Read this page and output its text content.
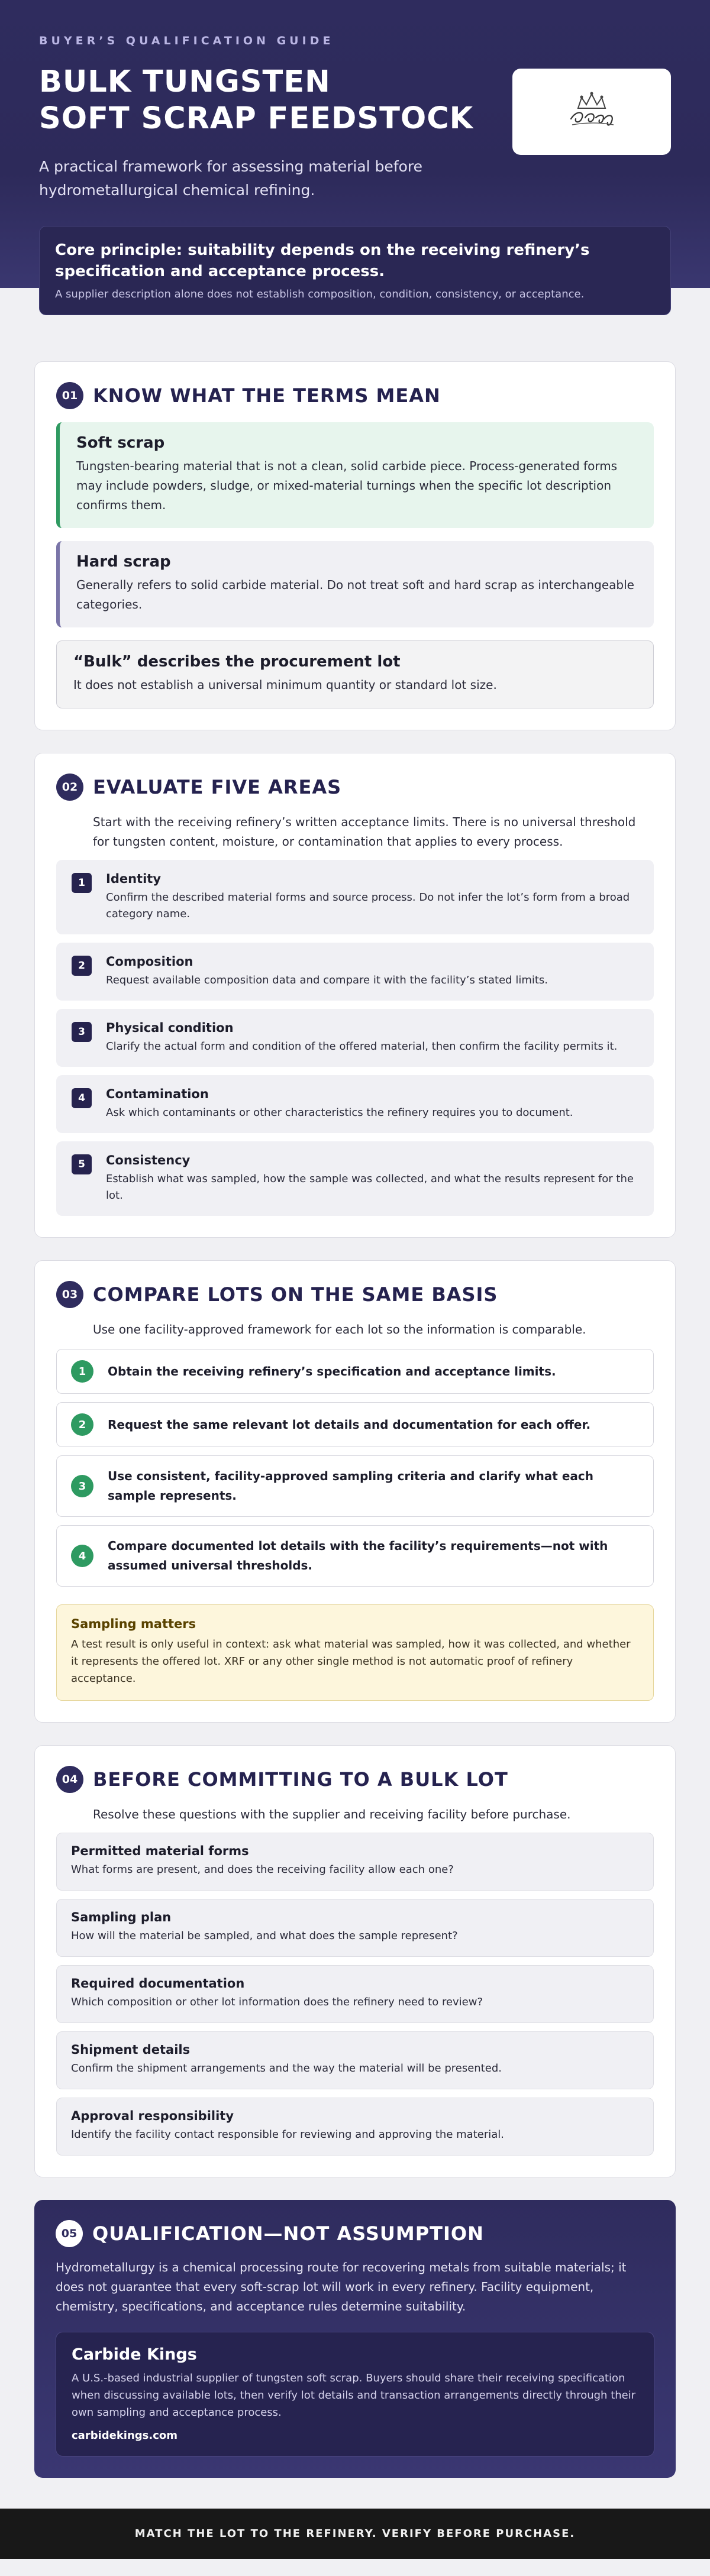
BUYER’S QUALIFICATION GUIDE
BULK TUNGSTEN
SOFT SCRAP FEEDSTOCK

A practical framework for assessing material before hydrometallurgical chemical refining.

Core principle: suitability depends on the receiving refinery’s specification and acceptance process.
A supplier description alone does not establish composition, condition, consistency, or acceptance.
01 KNOW WHAT THE TERMS MEAN
Soft scrap

Tungsten-bearing material that is not a clean, solid carbide piece. Process-generated forms may include powders, sludge, or mixed-material turnings when the specific lot description confirms them.

Hard scrap

Generally refers to solid carbide material. Do not treat soft and hard scrap as interchangeable categories.

“Bulk” describes the procurement lot

It does not establish a universal minimum quantity or standard lot size.

02 EVALUATE FIVE AREAS

Start with the receiving refinery’s written acceptance limits. There is no universal threshold for tungsten content, moisture, or contamination that applies to every process.

1	Identity

Confirm the described material forms and source process. Do not infer the lot’s form from a broad category name.

2	Composition

Request available composition data and compare it with the facility’s stated limits.

3	Physical condition

Clarify the actual form and condition of the offered material, then confirm the facility permits it.

4	Contamination

Ask which contaminants or other characteristics the refinery requires you to document.

5	Consistency

Establish what was sampled, how the sample was collected, and what the results represent for the lot.

03 COMPARE LOTS ON THE SAME BASIS

Use one facility-approved framework for each lot so the information is comparable.

1	Obtain the receiving refinery’s specification and acceptance limits.

2	Request the same relevant lot details and documentation for each offer.

3

Use consistent, facility-approved sampling criteria and clarify what each sample represents.

4

Compare documented lot details with the facility’s requirements—not with assumed universal thresholds.

Sampling matters

A test result is only useful in context: ask what material was sampled, how it was collected, and whether it represents the offered lot. XRF or any other single method is not automatic proof of refinery acceptance.

04 BEFORE COMMITTING TO A BULK LOT

Resolve these questions with the supplier and receiving facility before purchase.

Permitted material forms

What forms are present, and does the receiving facility allow each one?

Sampling plan

How will the material be sampled, and what does the sample represent?

Required documentation

Which composition or other lot information does the refinery need to review?

Shipment details

Confirm the shipment arrangements and the way the material will be presented.

Approval responsibility

Identify the facility contact responsible for reviewing and approving the material.

05 QUALIFICATION—NOT ASSUMPTION

Hydrometallurgy is a chemical processing route for recovering metals from suitable materials; it does not guarantee that every soft-scrap lot will work in every refinery. Facility equipment, chemistry, specifications, and acceptance rules determine suitability.

Carbide Kings

A U.S.-based industrial supplier of tungsten soft scrap. Buyers should share their receiving specification when discussing available lots, then verify lot details and transaction arrangements directly through their own sampling and acceptance process.

carbidekings.com
MATCH THE LOT TO THE REFINERY. VERIFY BEFORE PURCHASE.
